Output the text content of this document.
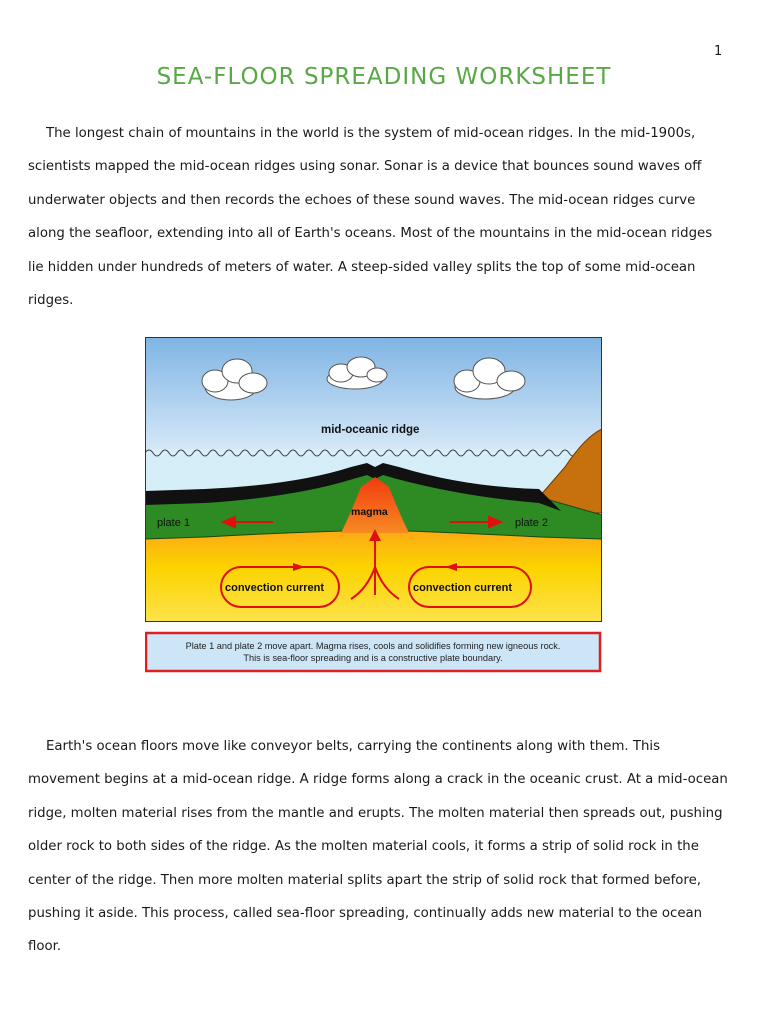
1
SEA-FLOOR SPREADING WORKSHEET

The longest chain of mountains in the world is the system of mid-ocean ridges. In the mid-1900s, scientists mapped the mid-ocean ridges using sonar. Sonar is a device that bounces sound waves off underwater objects and then records the echoes of these sound waves. The mid-ocean ridges curve along the seafloor, extending into all of Earth's oceans. Most of the mountains in the mid-ocean ridges lie hidden under hundreds of meters of water. A steep-sided valley splits the top of some mid-ocean ridges.

mid-oceanic ridge
magma
plate 1	plate 2
convection current	convection current
Plate 1 and plate 2 move apart. Magma rises, cools and solidifies forming new igneous rock.
This is sea-floor spreading and is a constructive plate boundary.

Earth's ocean floors move like conveyor belts, carrying the continents along with them. This movement begins at a mid-ocean ridge. A ridge forms along a crack in the oceanic crust. At a mid-ocean ridge, molten material rises from the mantle and erupts. The molten material then spreads out, pushing older rock to both sides of the ridge. As the molten material cools, it forms a strip of solid rock in the center of the ridge. Then more molten material splits apart the strip of solid rock that formed before, pushing it aside. This process, called sea-floor spreading, continually adds new material to the ocean floor.
